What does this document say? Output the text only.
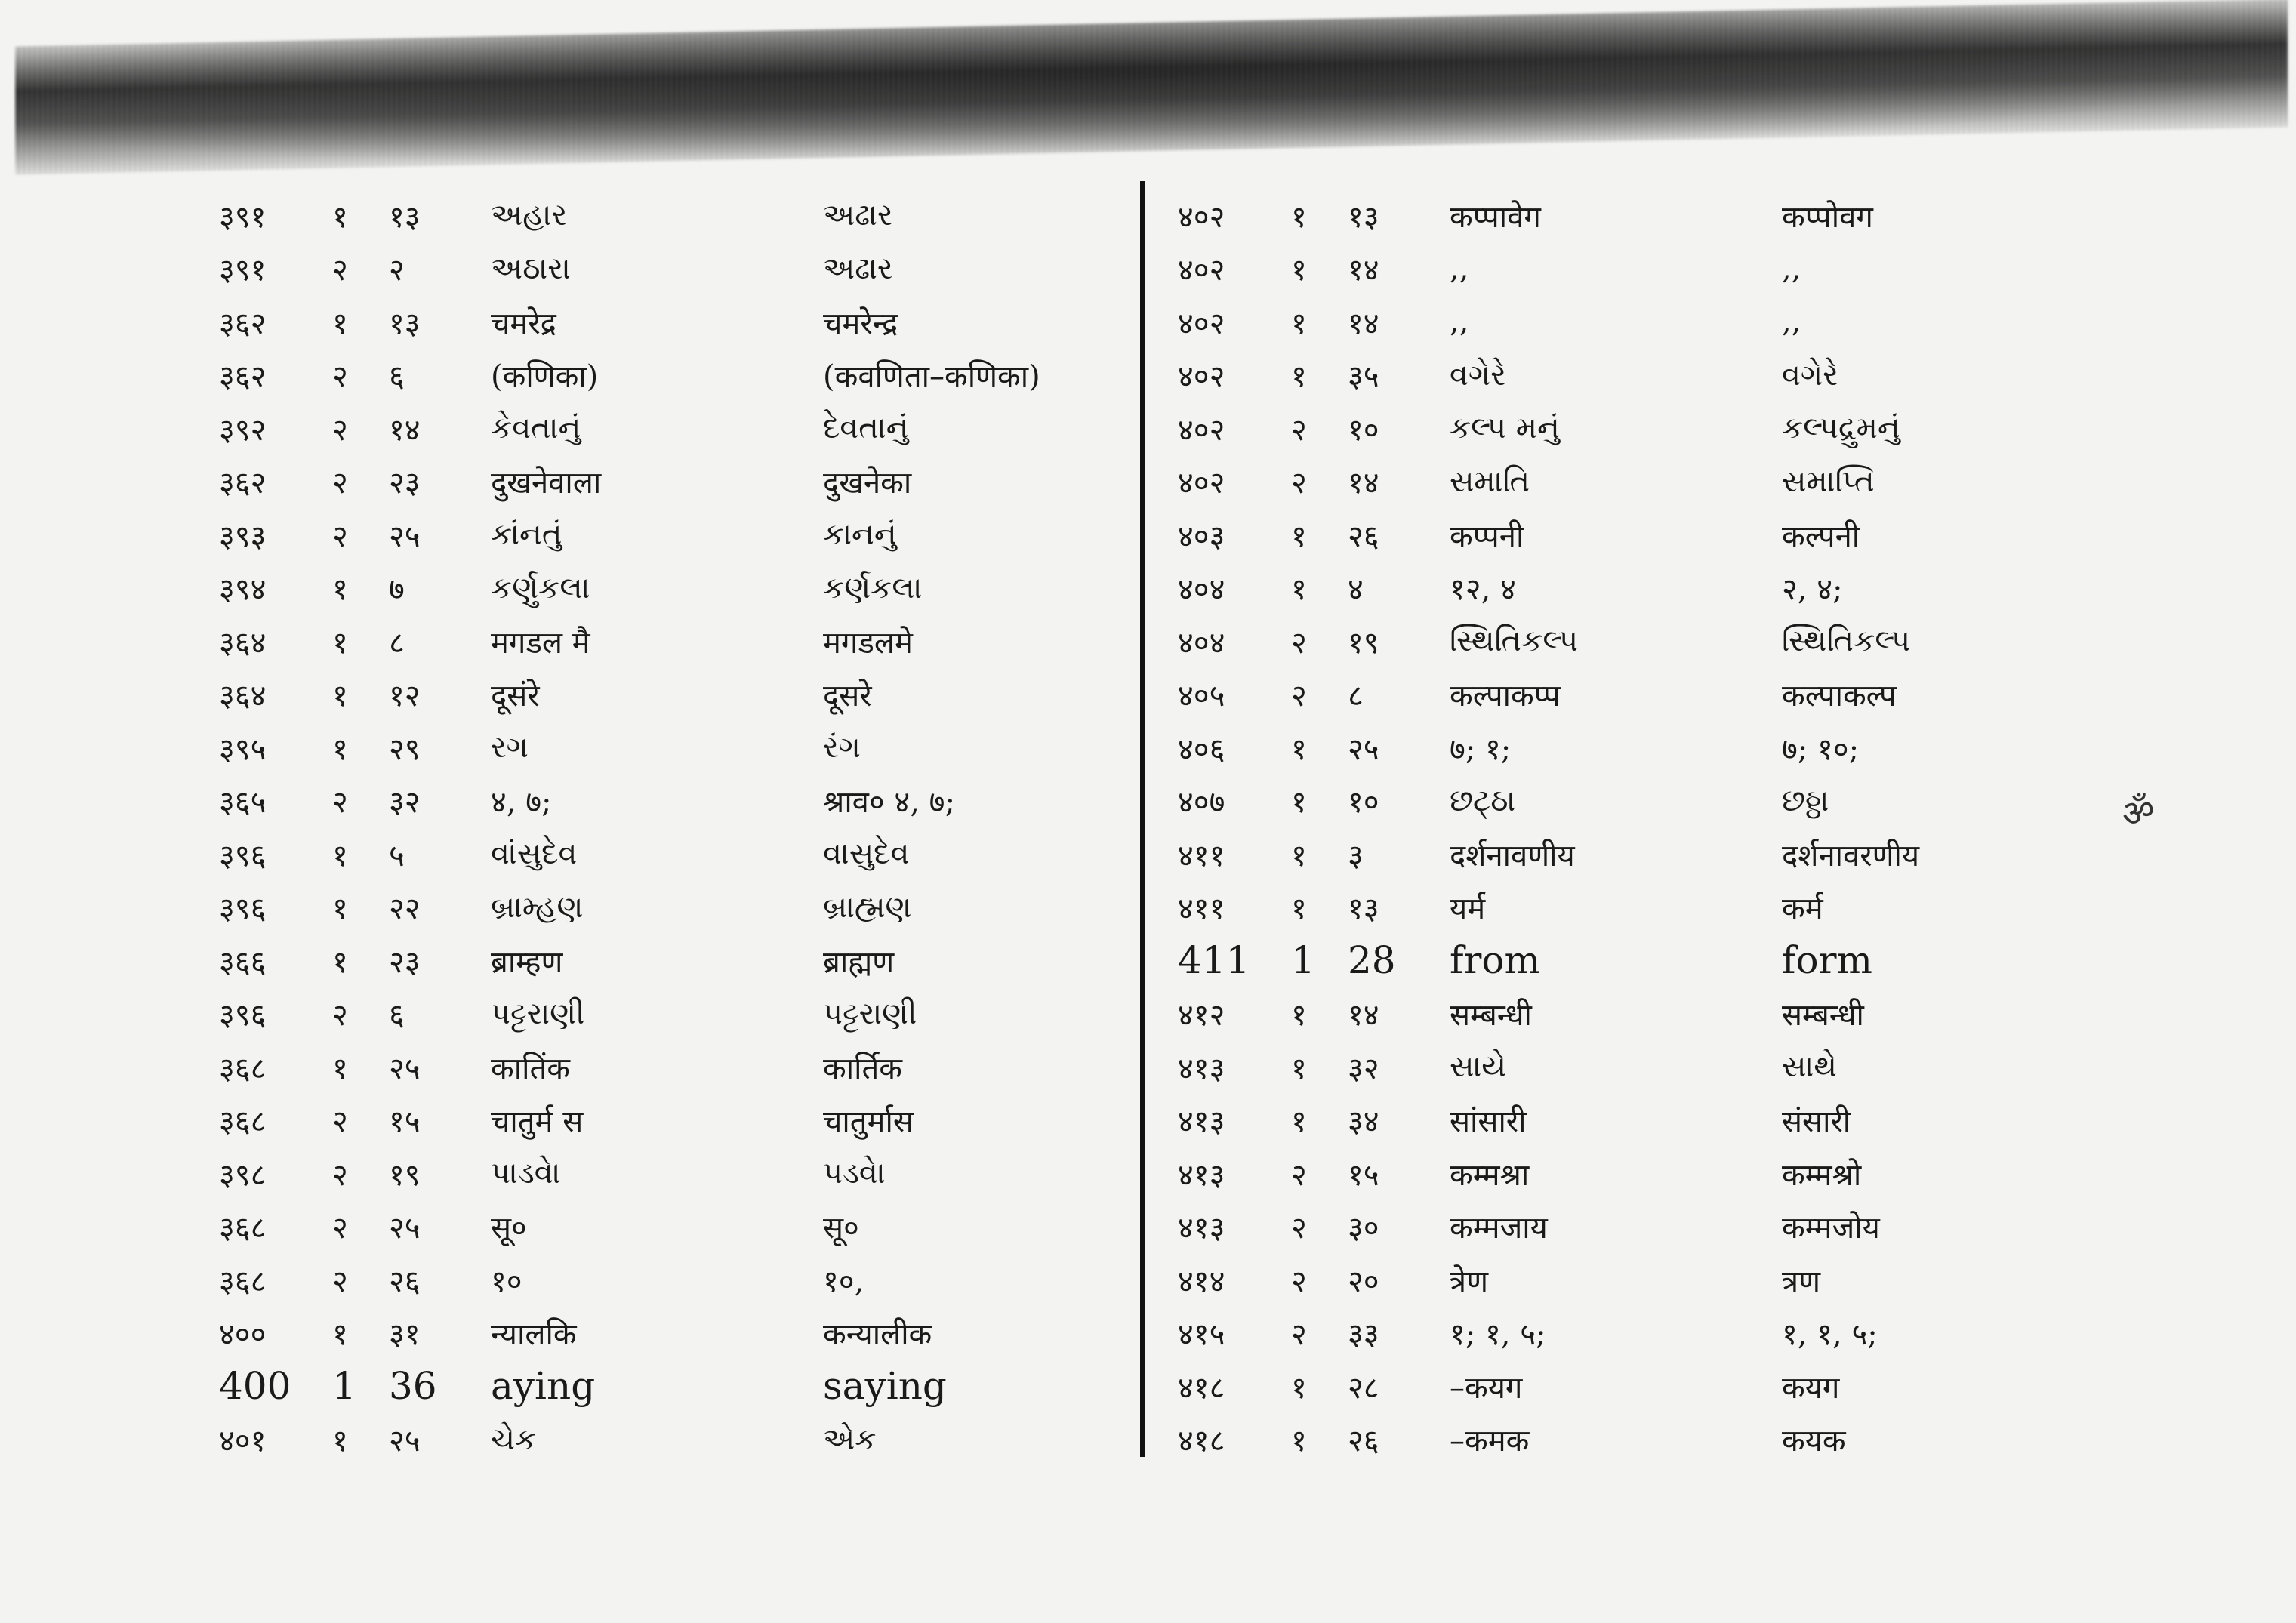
३९१	१	१३	અહાર	અઢાર
३९१	२	२	અઠારા	અઢાર
३६२	१	१३	चमरेद्र	चमरेन्द्र
३६२	२	६	(कणिका)	(कवणिता–कणिका)
३९२	२	१४	કેવતાનું	દેવતાનું
३६२	२	२३	दुखनेवाला	दुखनेका
३९३	२	२५	કાંનતું	કાનનું
३९४	१	७	કર્ણુકલા	કર્ણકલા
३६४	१	८	मगडल मै	मगडलमे
३६४	१	१२	दूसंरे	दूसरे
३९५	१	२९	રગ	રંગ
३६५	२	३२	४, ७;	श्राव० ४, ७;
३९६	१	५	વાંસુદેવ	વાસુદેવ
३९६	१	२२	બ્રામ્હણ	બ્રાહ્મણ
३६६	१	२३	ब्राम्हण	ब्राह्मण
३९६	२	६	પટ્ટરાણી	પટ્ટરાણી
३६८	१	२५	कातिंक	कार्तिक
३६८	२	१५	चातुर्म स	चातुर्मास
३९८	२	१९	પાડવેા	પડવેા
३६८	२	२५	सू०	सू०
३६८	२	२६	१०	१०,
४००	१	३१	न्यालकि	कन्यालीक
400	1 36	aying	saying
४०१	१	२५	ચેક	એક
४०२	१	१३	कप्पावेग	कप्पोवग
४०२	१	१४	,,	,,
४०२	१	१४	,,	,,
४०२	१	३५	વગેરે	વગેરે
४०२	२	१०	કલ્પ મનું	કલ્પદ્રુમનું
४०२	२	१४	સમાતિ	સમાપ્તિ
४०३	१	२६	कप्पनी	कल्पनी
४०४	१	४	१२, ४	२, ४;
४०४	२	१९	સ્થિતિકલ્પ	સ્થિતિકલ્પ
४०५	२	८	कल्पाकप्प	कल्पाकल्प
४०६	१	२५	७; १;	७; १०;
४०७	१	१०	છટ્ઠા	છઠ્ઠા
४११	१	३	दर्शनावणीय	दर्शनावरणीय
४११	१	१३	यर्म	कर्म
411	1 28	from	form
४१२	१	१४	सम्बन्धी	सम्बन्धी
४१३	१	३२	સાયે	સાથે
४१३	१	३४	सांसारी	संसारी
४१३	२	१५	कम्मश्रा	कम्मश्रो
४१३	२	३०	कम्मजाय	कम्मजोय
४१४	२	२०	त्रेण	त्रण
४१५	२	३३	१; १, ५;	१, १, ५;
४१८	१	२८	–कयग	कयग
४१८	१	२६	–कमक	कयक
ॐ
